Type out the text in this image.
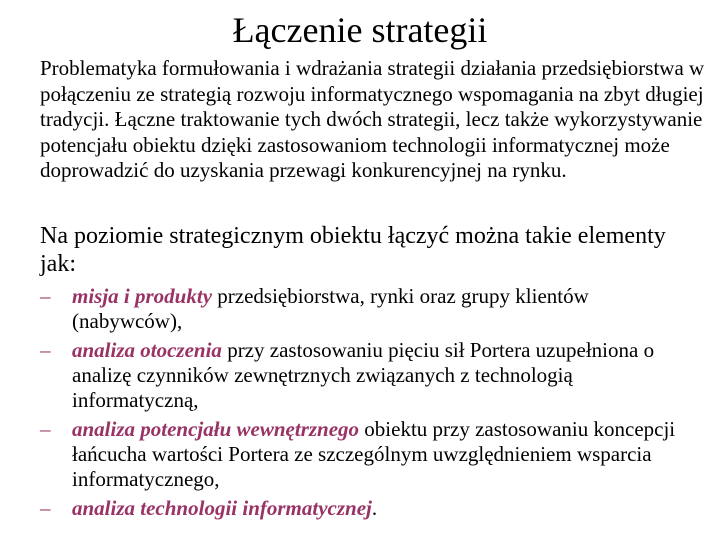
Łączenie strategii
Problematyka formułowania i wdrażania strategii działania przedsiębiorstwa w połączeniu ze strategią rozwoju informatycznego wspomagania na zbyt długiej tradycji. Łączne traktowanie tych dwóch strategii, lecz także wykorzystywanie potencjału obiektu dzięki zastosowaniom technologii informatycznej może doprowadzić do uzyskania przewagi konkurencyjnej na rynku.
Na poziomie strategicznym obiektu łączyć można takie elementy jak:
– misja i produkty przedsiębiorstwa, rynki oraz grupy klientów (nabywców),
– analiza otoczenia przy zastosowaniu pięciu sił Portera uzupełniona o analizę czynników zewnętrznych związanych z technologią informatyczną,
– analiza potencjału wewnętrznego obiektu przy zastosowaniu koncepcji łańcucha wartości Portera ze szczególnym uwzględnieniem wsparcia informatycznego,
– analiza technologii informatycznej.
